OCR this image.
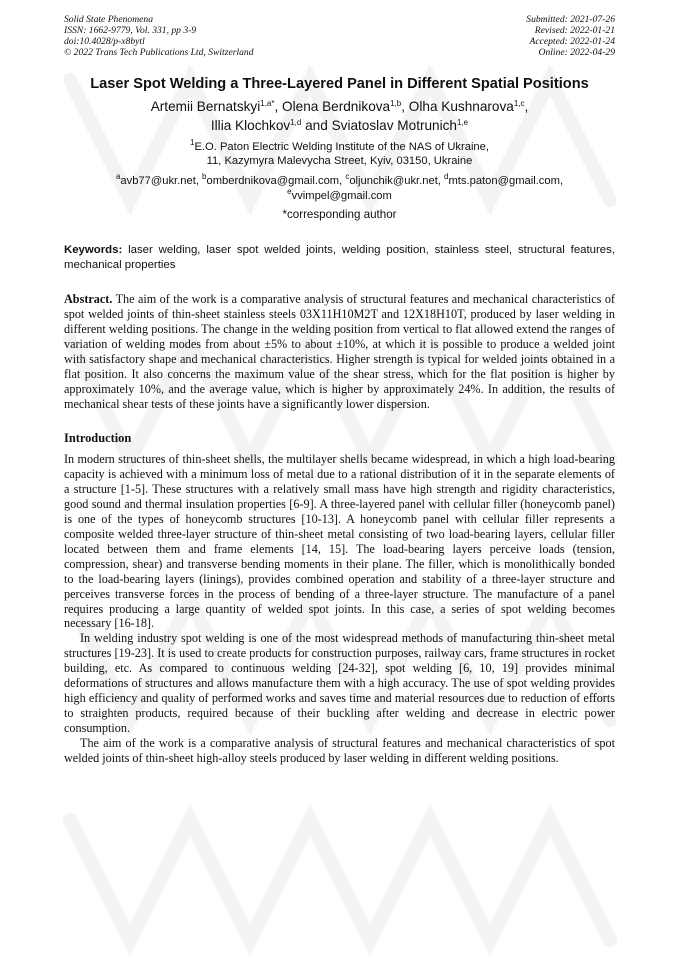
Solid State Phenomena
ISSN: 1662-9779, Vol. 331, pp 3-9
doi:10.4028/p-x8bytl
© 2022 Trans Tech Publications Ltd, Switzerland
Submitted: 2021-07-26
Revised: 2022-01-21
Accepted: 2022-01-24
Online: 2022-04-29
Laser Spot Welding a Three-Layered Panel in Different Spatial Positions
Artemii Bernatskyi$^{1,a*}$, Olena Berdnikova$^{1,b}$, Olha Kushnarova$^{1,c}$,
Illia Klochkov$^{1,d}$ and Sviatoslav Motrunich$^{1,e}$
$^1$E.O. Paton Electric Welding Institute of the NAS of Ukraine,
11, Kazymyra Malevycha Street, Kyiv, 03150, Ukraine
$^a$avb77@ukr.net, $^b$omberdnikova@gmail.com, $^c$oljunchik@ukr.net, $^d$mts.paton@gmail.com,
$^e$vvimpel@gmail.com
*corresponding author
Keywords: laser welding, laser spot welded joints, welding position, stainless steel, structural features, mechanical properties

Abstract. The aim of the work is a comparative analysis of structural features and mechanical characteristics of spot welded joints of thin-sheet stainless steels 03X11H10M2T and 12X18H10T, produced by laser welding in different welding positions. The change in the welding position from vertical to flat allowed extend the ranges of variation of welding modes from about ±5% to about ±10%, at which it is possible to produce a welded joint with satisfactory shape and mechanical characteristics. Higher strength is typical for welded joints obtained in a flat position. It also concerns the maximum value of the shear stress, which for the flat position is higher by approximately 10%, and the average value, which is higher by approximately 24%. In addition, the results of mechanical shear tests of these joints have a significantly lower dispersion.

Introduction

In modern structures of thin-sheet shells, the multilayer shells became widespread, in which a high load-bearing capacity is achieved with a minimum loss of metal due to a rational distribution of it in the separate elements of a structure [1-5]. These structures with a relatively small mass have high strength and rigidity characteristics, good sound and thermal insulation properties [6-9]. A three-layered panel with cellular filler (honeycomb panel) is one of the types of honeycomb structures [10-13]. A honeycomb panel with cellular filler represents a composite welded three-layer structure of thin-sheet metal consisting of two load-bearing layers, cellular filler located between them and frame elements [14, 15]. The load-bearing layers perceive loads (tension, compression, shear) and transverse bending moments in their plane. The filler, which is monolithically bonded to the load-bearing layers (linings), provides combined operation and stability of a three-layer structure and perceives transverse forces in the process of bending of a three-layer structure. The manufacture of a panel requires producing a large quantity of welded spot joints. In this case, a series of spot welding becomes necessary [16-18].

In welding industry spot welding is one of the most widespread methods of manufacturing thin-sheet metal structures [19-23]. It is used to create products for construction purposes, railway cars, frame structures in rocket building, etc. As compared to continuous welding [24-32], spot welding [6, 10, 19] provides minimal deformations of structures and allows manufacture them with a high accuracy. The use of spot welding provides high efficiency and quality of performed works and saves time and material resources due to reduction of efforts to straighten products, required because of their buckling after welding and decrease in electric power consumption.

The aim of the work is a comparative analysis of structural features and mechanical characteristics of spot welded joints of thin-sheet high-alloy steels produced by laser welding in different welding positions.
